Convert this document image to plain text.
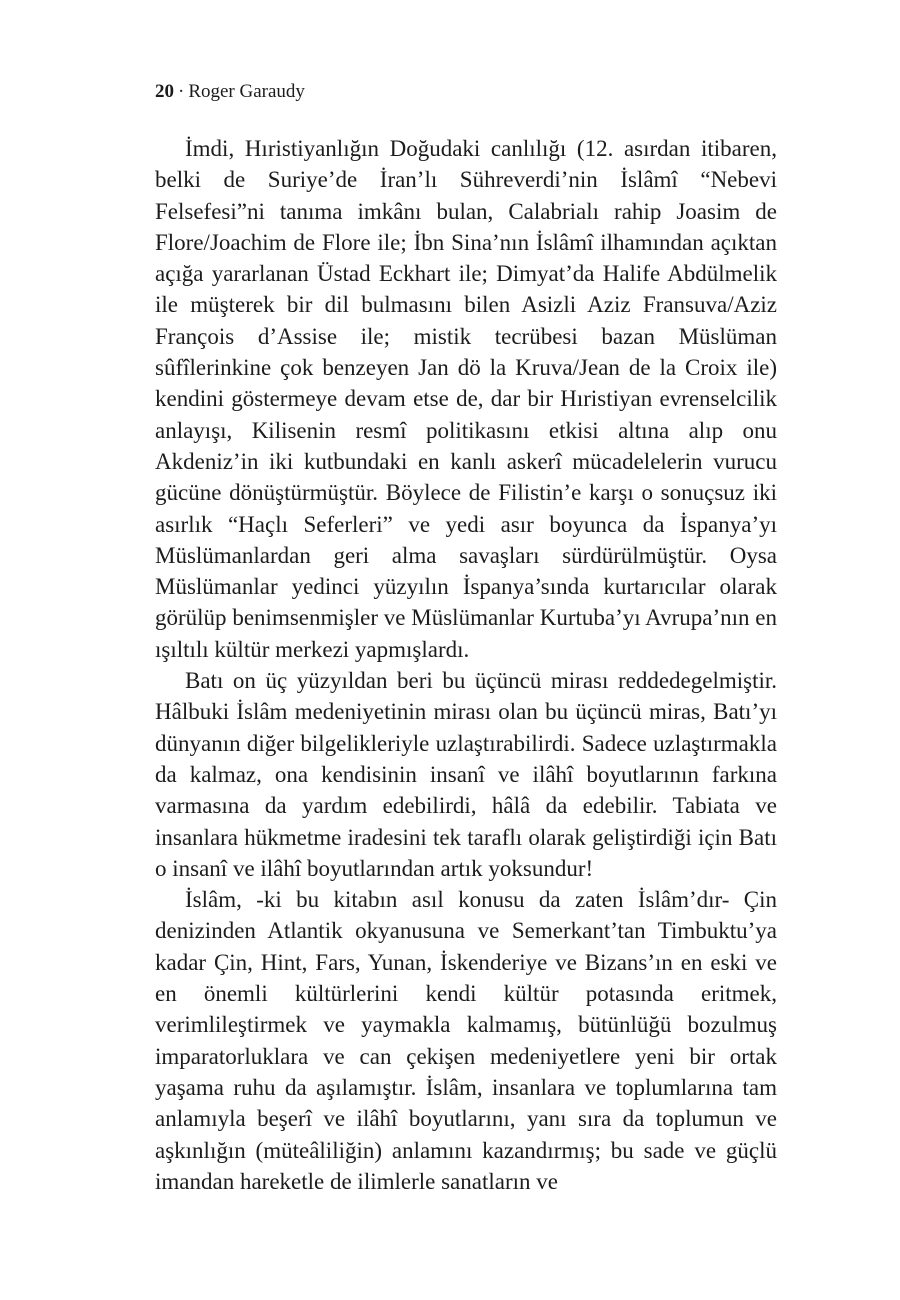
20 · Roger Garaudy

İmdi, Hıristiyanlığın Doğudaki canlılığı (12. asırdan itibaren, belki de Suriye’de İran’lı Sühreverdi’nin İslâmî “Nebevi Felsefesi”ni tanıma imkânı bulan, Calabrialı rahip Joasim de Flore/Joachim de Flore ile; İbn Sina’nın İslâmî ilhamından açıktan açığa yararlanan Üstad Eckhart ile; Dimyat’da Halife Abdülmelik ile müşterek bir dil bulmasını bilen Asizli Aziz Fransuva/Aziz François d’Assise ile; mistik tecrübesi bazan Müslüman sûfîlerinkine çok benzeyen Jan dö la Kruva/Jean de la Croix ile) kendini göstermeye devam etse de, dar bir Hıristiyan evrenselcilik anlayışı, Kilisenin resmî politikasını etkisi altına alıp onu Akdeniz’in iki kutbundaki en kanlı askerî mücadelelerin vurucu gücüne dönüştürmüştür. Böylece de Filistin’e karşı o sonuçsuz iki asırlık “Haçlı Seferleri” ve yedi asır boyunca da İspanya’yı Müslümanlardan geri alma savaşları sürdürülmüştür. Oysa Müslümanlar yedinci yüzyılın İspanya’sında kurtarıcılar olarak görülüp benimsenmişler ve Müslümanlar Kurtuba’yı Avrupa’nın en ışıltılı kültür merkezi yapmışlardı.

Batı on üç yüzyıldan beri bu üçüncü mirası reddedegelmiştir. Hâlbuki İslâm medeniyetinin mirası olan bu üçüncü miras, Batı’yı dünyanın diğer bilgelikleriyle uzlaştırabilirdi. Sadece uzlaştırmakla da kalmaz, ona kendisinin insanî ve ilâhî boyutlarının farkına varmasına da yardım edebilirdi, hâlâ da edebilir. Tabiata ve insanlara hükmetme iradesini tek taraflı olarak geliştirdiği için Batı o insanî ve ilâhî boyutlarından artık yoksundur!

İslâm, -ki bu kitabın asıl konusu da zaten İslâm’dır- Çin denizinden Atlantik okyanusuna ve Semerkant’tan Timbuktu’ya kadar Çin, Hint, Fars, Yunan, İskenderiye ve Bizans’ın en eski ve en önemli kültürlerini kendi kültür potasında eritmek, verimlileştirmek ve yaymakla kalmamış, bütünlüğü bozulmuş imparatorluklara ve can çekişen medeniyetlere yeni bir ortak yaşama ruhu da aşılamıştır. İslâm, insanlara ve toplumlarına tam anlamıyla beşerî ve ilâhî boyutlarını, yanı sıra da toplumun ve aşkınlığın (müteâliliğin) anlamını kazandırmış; bu sade ve güçlü imandan hareketle de ilimlerle sanatların ve
